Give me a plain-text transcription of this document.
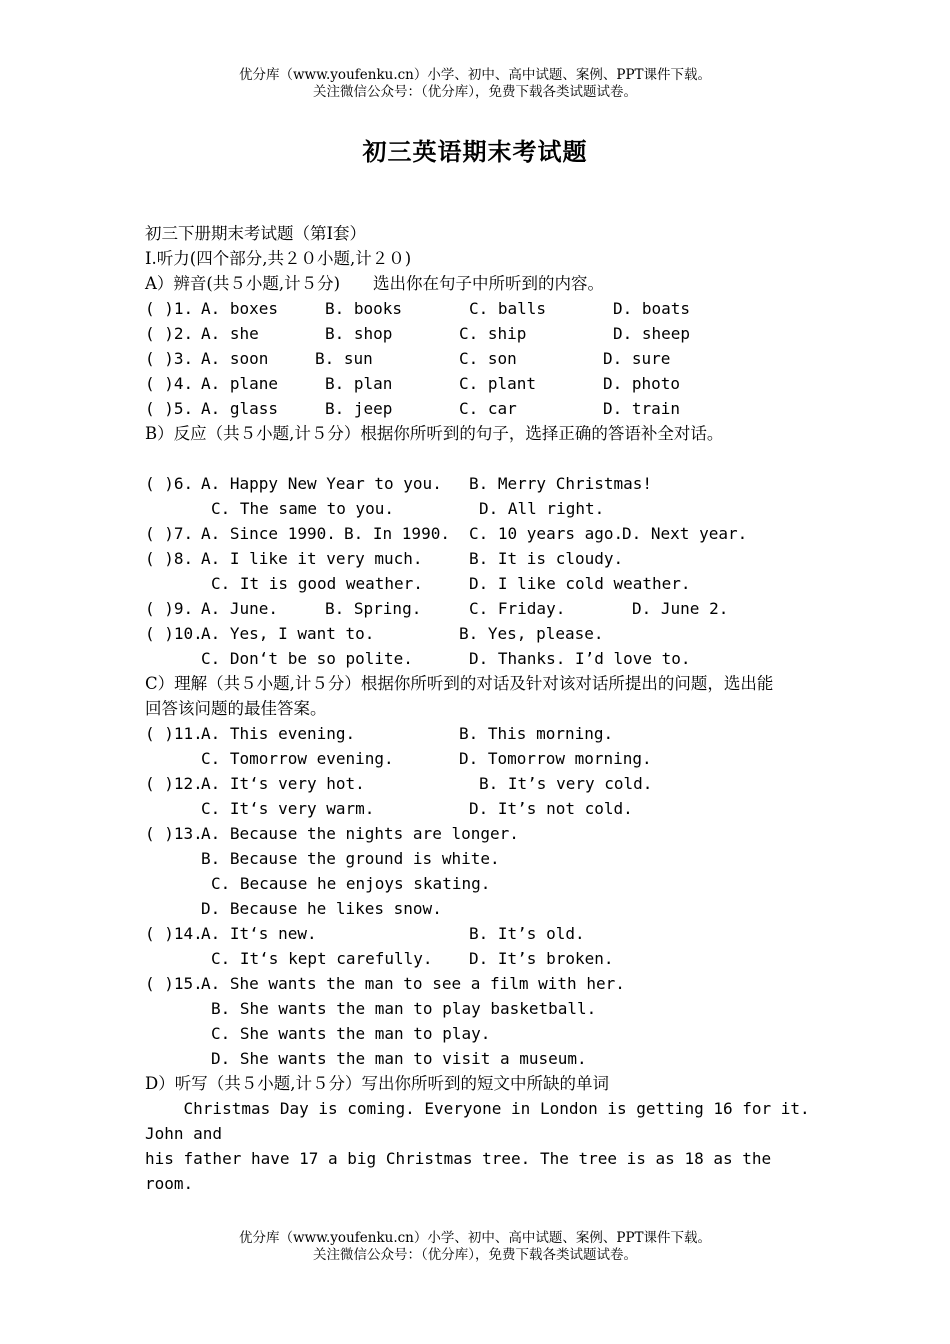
优分库（www.youfenku.cn）小学、初中、高中试题、案例、PPT课件下载。
关注微信公众号：（优分库），免费下载各类试题试卷。
初三英语期末考试题
初三下册期末考试题（第Ⅰ套）
Ⅰ.听力(四个部分,共２０小题,计２０)
A）辨音(共５小题,计５分)　　选出你在句子中所听到的内容。
( )1. A. boxes	B. books	C. balls	D. boats
( )2. A. she	B. shop	C. ship	D. sheep
( )3. A. soon	B. sun	C. son	D. sure
( )4. A. plane	B. plan	C. plant	D. photo
( )5. A. glass	B. jeep	C. car	D. train
B）反应（共５小题,计５分）根据你所听到的句子，选择正确的答语补全对话。
( )6. A. Happy New Year to you. B. Merry Christmas!
C. The same to you.	D. All right.
( )7. A. Since 1990. B. In 1990. C. 10 years ago.
D. Next year.
( )8. A. I like it very much.	B. It is cloudy.
C. It is good weather.	D. I like cold weather.
( )9. A. June.	B. Spring.	C. Friday.	D. June 2.
( )10.
A. Yes, I want to.	B. Yes, please.
C. Don‘t be so polite.	D. Thanks. I’d love to.
C）理解（共５小题,计５分）根据你所听到的对话及针对该对话所提出的问题，选出能
回答该问题的最佳答案。
( )11.
A. This evening.	B. This morning.
C. Tomorrow evening.	D. Tomorrow morning.
( )12.
A. It‘s very hot.	B. It’s very cold.
C. It‘s very warm.	D. It’s not cold.
( )13.
A. Because the nights are longer.
B. Because the ground is white.
C. Because he enjoys skating.
D. Because he likes snow.
( )14.
A. It‘s new.	B. It’s old.
C. It‘s kept carefully. D. It’s broken.
( )15.
A. She wants the man to see a film with her.
B. She wants the man to play basketball.
C. She wants the man to play.
D. She wants the man to visit a museum.
D）听写（共５小题,计５分）写出你所听到的短文中所缺的单词
Christmas Day is coming. Everyone in London is getting 16 for it. John and
his father have 17 a big Christmas tree. The tree is as 18 as the room.
优分库（www.youfenku.cn）小学、初中、高中试题、案例、PPT课件下载。
关注微信公众号：（优分库），免费下载各类试题试卷。
